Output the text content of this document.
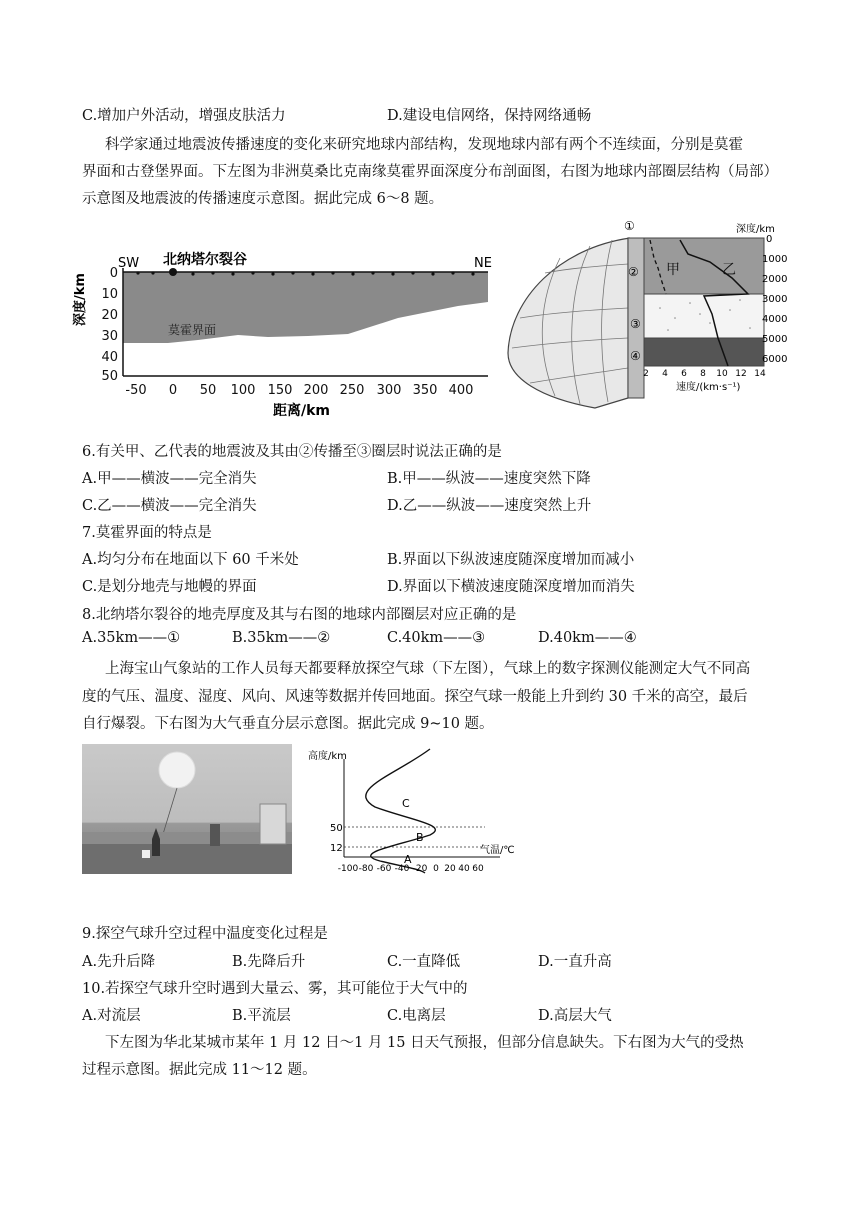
C.增加户外活动，增强皮肤活力	D.建设电信网络，保持网络通畅
科学家通过地震波传播速度的变化来研究地球内部结构，发现地球内部有两个不连续面，分别是莫霍
界面和古登堡界面。下左图为非洲莫桑比克南缘莫霍界面深度分布剖面图，右图为地球内部圈层结构（局部）
示意图及地震波的传播速度示意图。据此完成 6～8 题。
0
10
20
30
40
50
-50 0 50 100 150 200 250 300 350 400
SW	NE
北纳塔尔裂谷
莫霍界面
深度/km
距离/km
①
②
③
④
甲	乙
深度/km
0
1000
2000
3000
4000
5000
6000
2 4 6 8 10 12 14
速度/(km·s⁻¹)
6.有关甲、乙代表的地震波及其由②传播至③圈层时说法正确的是
A.甲——横波——完全消失	B.甲——纵波——速度突然下降
C.乙——横波——完全消失	D.乙——纵波——速度突然上升
7.莫霍界面的特点是
A.均匀分布在地面以下 60 千米处	B.界面以下纵波速度随深度增加而减小
C.是划分地壳与地幔的界面	D.界面以下横波速度随深度增加而消失
8.北纳塔尔裂谷的地壳厚度及其与右图的地球内部圈层对应正确的是
A.35km——①	B.35km——②	C.40km——③	D.40km——④
上海宝山气象站的工作人员每天都要释放探空气球（下左图），气球上的数字探测仪能测定大气不同高
度的气压、温度、湿度、风向、风速等数据并传回地面。探空气球一般能上升到约 30 千米的高空，最后
自行爆裂。下右图为大气垂直分层示意图。据此完成 9~10 题。
高度/km
50
12
C
B
A
气温/℃
-100 -80 -60 -40 -20 0 20 40 60
9.探空气球升空过程中温度变化过程是
A.先升后降	B.先降后升	C.一直降低	D.一直升高
10.若探空气球升空时遇到大量云、雾，其可能位于大气中的
A.对流层	B.平流层	C.电离层	D.高层大气
下左图为华北某城市某年 1 月 12 日～1 月 15 日天气预报，但部分信息缺失。下右图为大气的受热
过程示意图。据此完成 11～12 题。
